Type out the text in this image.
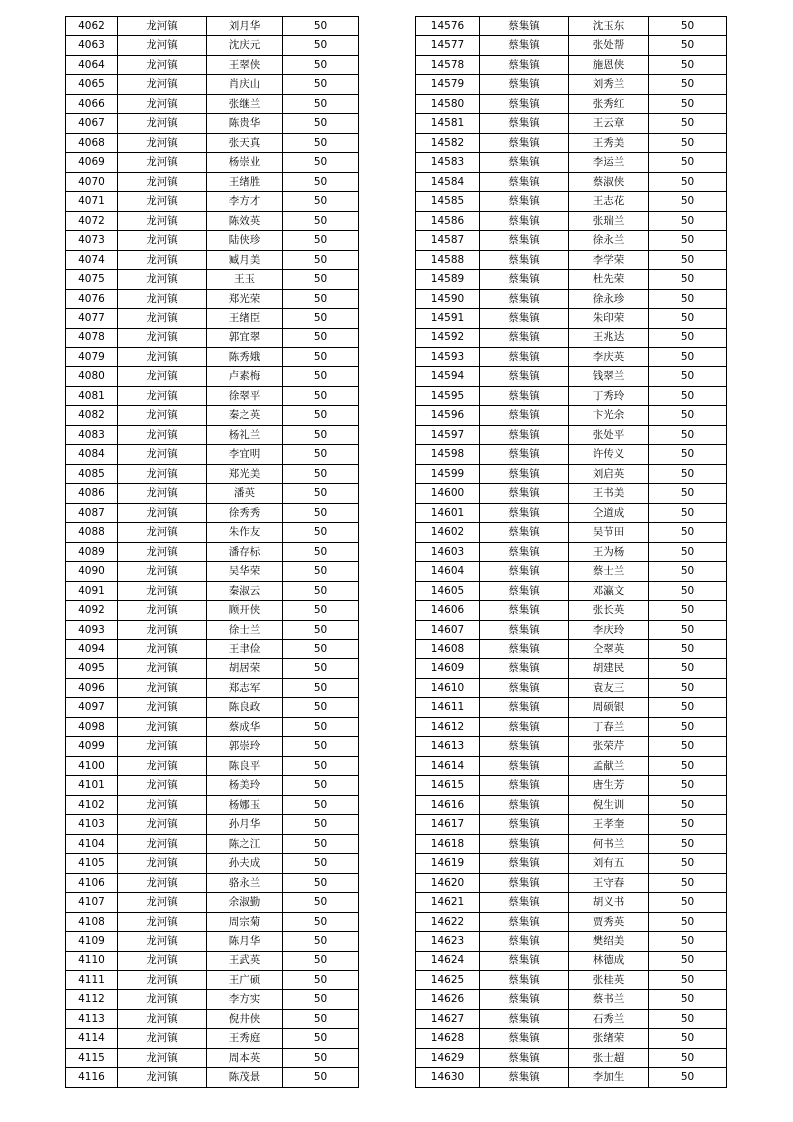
4062	龙河镇	刘月华	50
4063	龙河镇	沈庆元	50
4064	龙河镇	王翠侠	50
4065	龙河镇	肖庆山	50
4066	龙河镇	张继兰	50
4067	龙河镇	陈贵华	50
4068	龙河镇	张天真	50
4069	龙河镇	杨崇业	50
4070	龙河镇	王绪胜	50
4071	龙河镇	李方才	50
4072	龙河镇	陈效英	50
4073	龙河镇	陆侠珍	50
4074	龙河镇	臧月美	50
4075	龙河镇	王玉	50
4076	龙河镇	郑光荣	50
4077	龙河镇	王绪臣	50
4078	龙河镇	郭宜翠	50
4079	龙河镇	陈秀娥	50
4080	龙河镇	卢素梅	50
4081	龙河镇	徐翠平	50
4082	龙河镇	秦之英	50
4083	龙河镇	杨礼兰	50
4084	龙河镇	李宜明	50
4085	龙河镇	郑光美	50
4086	龙河镇	潘英	50
4087	龙河镇	徐秀秀	50
4088	龙河镇	朱作友	50
4089	龙河镇	潘存标	50
4090	龙河镇	吴华荣	50
4091	龙河镇	秦淑云	50
4092	龙河镇	顾开侠	50
4093	龙河镇	徐士兰	50
4094	龙河镇	王聿俭	50
4095	龙河镇	胡居荣	50
4096	龙河镇	郑志军	50
4097	龙河镇	陈良政	50
4098	龙河镇	蔡成华	50
4099	龙河镇	郭崇玲	50
4100	龙河镇	陈良平	50
4101	龙河镇	杨美玲	50
4102	龙河镇	杨娜玉	50
4103	龙河镇	孙月华	50
4104	龙河镇	陈之江	50
4105	龙河镇	孙夫成	50
4106	龙河镇	骆永兰	50
4107	龙河镇	余淑勤	50
4108	龙河镇	周宗菊	50
4109	龙河镇	陈月华	50
4110	龙河镇	王武英	50
4111	龙河镇	王广硕	50
4112	龙河镇	李方实	50
4113	龙河镇	倪井侠	50
4114	龙河镇	王秀庭	50
4115	龙河镇	周本英	50
4116	龙河镇	陈茂景	50
14576	蔡集镇	沈玉东	50
14577	蔡集镇	张处帮	50
14578	蔡集镇	施恩侠	50
14579	蔡集镇	刘秀兰	50
14580	蔡集镇	张秀红	50
14581	蔡集镇	王云章	50
14582	蔡集镇	王秀美	50
14583	蔡集镇	李运兰	50
14584	蔡集镇	蔡淑侠	50
14585	蔡集镇	王志花	50
14586	蔡集镇	张瑞兰	50
14587	蔡集镇	徐永兰	50
14588	蔡集镇	李学荣	50
14589	蔡集镇	杜先荣	50
14590	蔡集镇	徐永珍	50
14591	蔡集镇	朱印荣	50
14592	蔡集镇	王兆达	50
14593	蔡集镇	李庆英	50
14594	蔡集镇	钱翠兰	50
14595	蔡集镇	丁秀玲	50
14596	蔡集镇	卞光余	50
14597	蔡集镇	张处平	50
14598	蔡集镇	许传义	50
14599	蔡集镇	刘启英	50
14600	蔡集镇	王书美	50
14601	蔡集镇	仝道成	50
14602	蔡集镇	吴节田	50
14603	蔡集镇	王为杨	50
14604	蔡集镇	蔡士兰	50
14605	蔡集镇	邓瀛文	50
14606	蔡集镇	张长英	50
14607	蔡集镇	李庆玲	50
14608	蔡集镇	仝翠英	50
14609	蔡集镇	胡建民	50
14610	蔡集镇	袁友三	50
14611	蔡集镇	周硕银	50
14612	蔡集镇	丁春兰	50
14613	蔡集镇	张荣芹	50
14614	蔡集镇	孟献兰	50
14615	蔡集镇	唐生芳	50
14616	蔡集镇	倪生训	50
14617	蔡集镇	王孝奎	50
14618	蔡集镇	何书兰	50
14619	蔡集镇	刘有五	50
14620	蔡集镇	王守春	50
14621	蔡集镇	胡义书	50
14622	蔡集镇	贾秀英	50
14623	蔡集镇	樊绍美	50
14624	蔡集镇	林德成	50
14625	蔡集镇	张桂英	50
14626	蔡集镇	蔡书兰	50
14627	蔡集镇	石秀兰	50
14628	蔡集镇	张绪荣	50
14629	蔡集镇	张士超	50
14630	蔡集镇	李加生	50
